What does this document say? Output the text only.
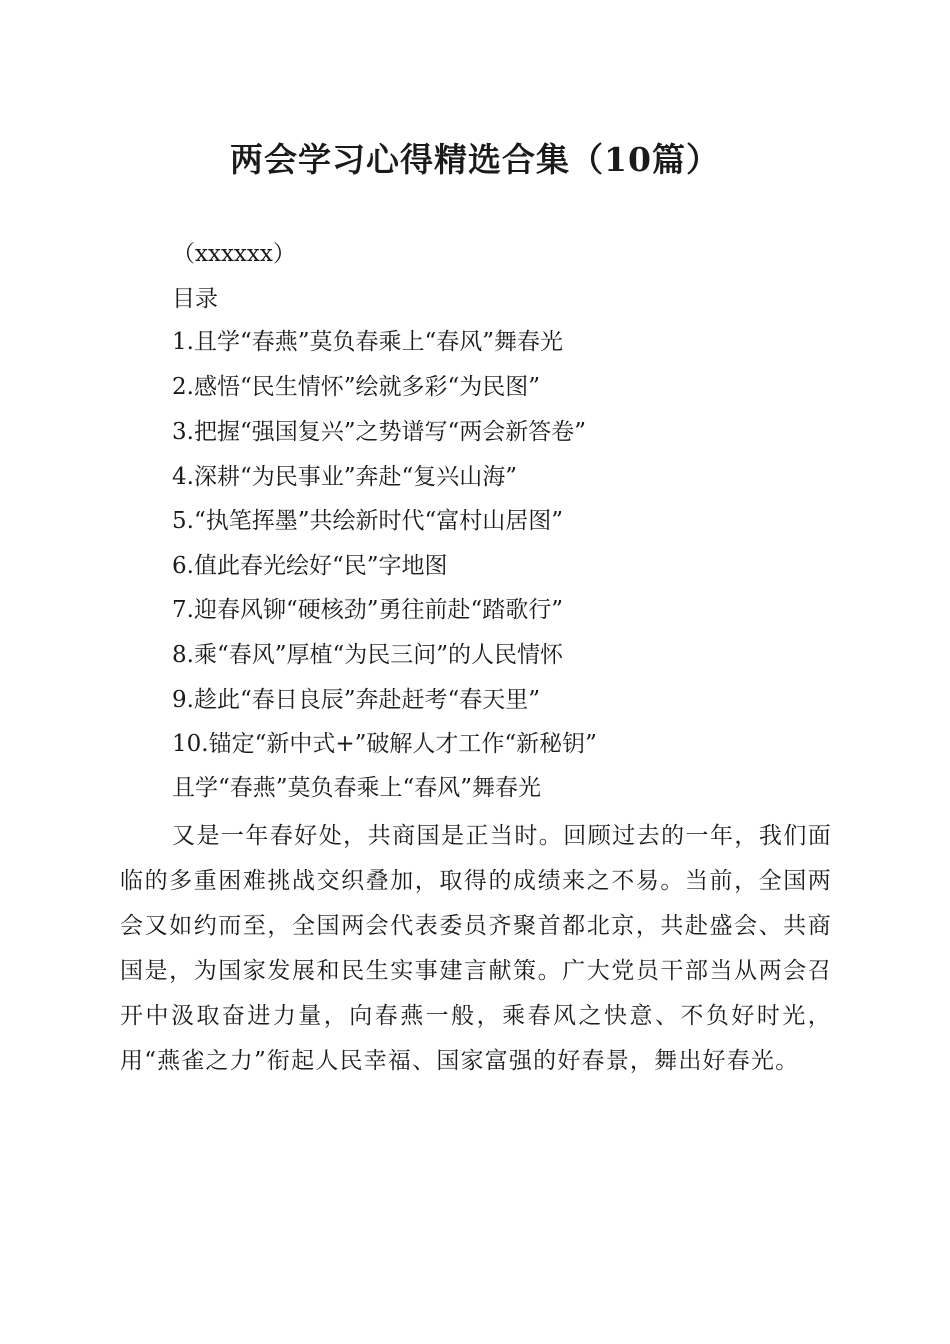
两会学习心得精选合集（10篇）

（xxxxxx）

目录

1.且学“春燕”莫负春乘上“春风”舞春光

2.感悟“民生情怀”绘就多彩“为民图”

3.把握“强国复兴”之势谱写“两会新答卷”

4.深耕“为民事业”奔赴“复兴山海”

5.“执笔挥墨”共绘新时代“富村山居图”

6.值此春光绘好“民”字地图

7.迎春风铆“硬核劲”勇往前赴“踏歌行”

8.乘“春风”厚植“为民三问”的人民情怀

9.趁此“春日良辰”奔赴赶考“春天里”

10.锚定“新中式+”破解人才工作“新秘钥”

且学“春燕”莫负春乘上“春风”舞春光

又是一年春好处，共商国是正当时。回顾过去的一年，我们面临的多重困难挑战交织叠加，取得的成绩来之不易。当前，全国两会又如约而至，全国两会代表委员齐聚首都北京，共赴盛会、共商国是，为国家发展和民生实事建言献策。广大党员干部当从两会召开中汲取奋进力量，向春燕一般，乘春风之快意、不负好时光，用“燕雀之力”衔起人民幸福、国家富强的好春景，舞出好春光。
